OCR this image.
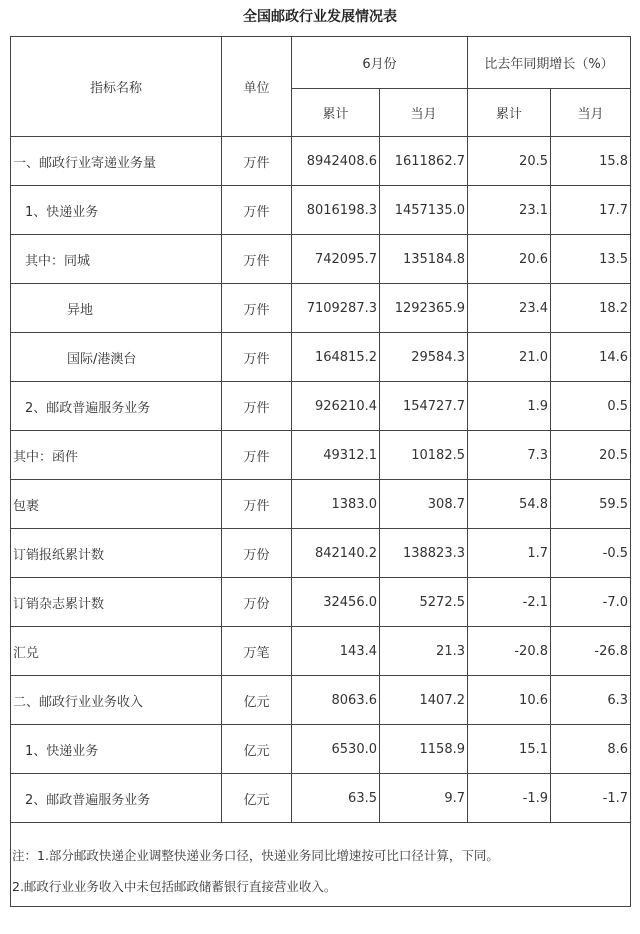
全国邮政行业发展情况表
指标名称	单位	6月份		比去年同期增长（%）	
		累计	当月	累计	当月
一、邮政行业寄递业务量	万件	8942408.6	1611862.7	20.5	15.8
1、快递业务	万件	8016198.3	1457135.0	23.1	17.7
其中：同城	万件	742095.7	135184.8	20.6	13.5
异地	万件	7109287.3	1292365.9	23.4	18.2
国际/港澳台	万件	164815.2	29584.3	21.0	14.6
2、邮政普遍服务业务	万件	926210.4	154727.7	1.9	0.5
其中：函件	万件	49312.1	10182.5	7.3	20.5
包裹	万件	1383.0	308.7	54.8	59.5
订销报纸累计数	万份	842140.2	138823.3	1.7	-0.5
订销杂志累计数	万份	32456.0	5272.5	-2.1	-7.0
汇兑	万笔	143.4	21.3	-20.8	-26.8
二、邮政行业业务收入	亿元	8063.6	1407.2	10.6	6.3
1、快递业务	亿元	6530.0	1158.9	15.1	8.6
2、邮政普遍服务业务	亿元	63.5	9.7	-1.9	-1.7

注：1.部分邮政快递企业调整快递业务口径，快递业务同比增速按可比口径计算，下同。

2.邮政行业业务收入中未包括邮政储蓄银行直接营业收入。					
